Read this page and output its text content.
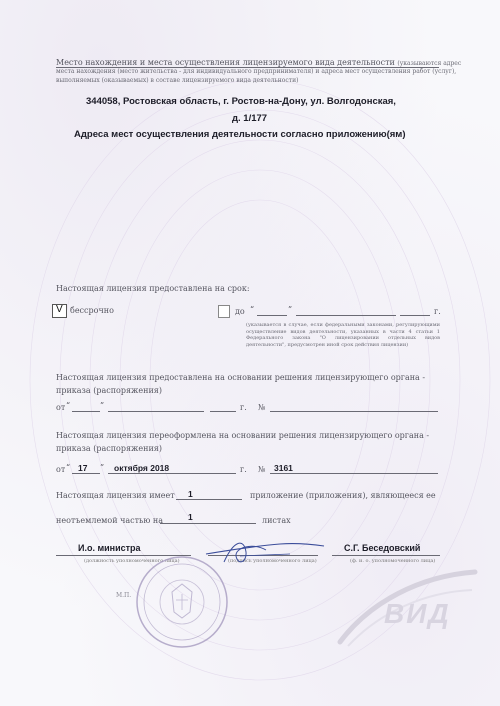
Место нахождения и места осуществления лицензируемого вида деятельности (указываются адрес
места нахождения (место жительства - для индивидуального предпринимателя) и адреса мест осуществления работ (услуг),
выполняемых (оказываемых) в составе лицензируемого вида деятельности)
344058, Ростовская область, г. Ростов-на-Дону, ул. Волгодонская,
д. 1/177
Адреса мест осуществления деятельности согласно приложению(ям)
Настоящая лицензия предоставлена на срок:
V бессрочно	до “	”	г.
(указывается в случае, если федеральными законами, регулирующими осуществление видов деятельности, указанных в части 4 статьи 1 Федерального закона "О лицензировании отдельных видов деятельности", предусмотрен иной срок действия лицензии)
Настоящая лицензия предоставлена на основании решения лицензирующего органа -
приказа (распоряжения)
от “	”	г. №
Настоящая лицензия переоформлена на основании решения лицензирующего органа -
приказа (распоряжения)
от “ 17 ” октября 2018	г. № 3161
Настоящая лицензия имеет 1	приложение (приложения), являющееся ее
неотъемлемой частью на	1	листах
И.о. министра
(должность уполномоченного лица)	(подпись уполномоченного лица)
С.Г. Беседовский
(ф. и. о. уполномоченного лица)
М.П.
ВИД
